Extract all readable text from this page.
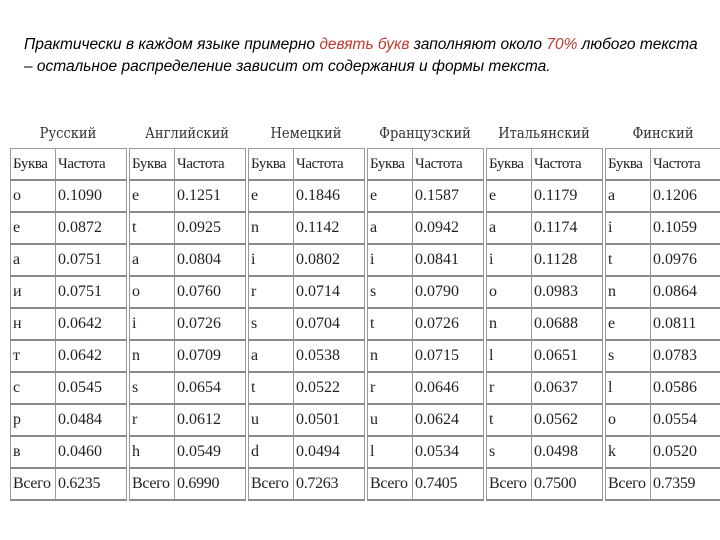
Практически в каждом языке примерно девять букв заполняют около 70% любого текста – остальное распределение зависит от содержания и формы текста.

Русский
Буква	Частота
о	0.1090
е	0.0872
а	0.0751
и	0.0751
н	0.0642
т	0.0642
с	0.0545
р	0.0484
в	0.0460
Всего	0.6235
Английский
Буква	Частота
e	0.1251
t	0.0925
a	0.0804
o	0.0760
i	0.0726
n	0.0709
s	0.0654
r	0.0612
h	0.0549
Всего	0.6990
Немецкий
Буква	Частота
e	0.1846
n	0.1142
i	0.0802
r	0.0714
s	0.0704
a	0.0538
t	0.0522
u	0.0501
d	0.0494
Всего	0.7263
Французский
Буква	Частота
e	0.1587
a	0.0942
i	0.0841
s	0.0790
t	0.0726
n	0.0715
r	0.0646
u	0.0624
l	0.0534
Всего	0.7405
Итальянский
Буква	Частота
e	0.1179
a	0.1174
i	0.1128
o	0.0983
n	0.0688
l	0.0651
r	0.0637
t	0.0562
s	0.0498
Всего	0.7500
Финский
Буква	Частота
a	0.1206
i	0.1059
t	0.0976
n	0.0864
e	0.0811
s	0.0783
l	0.0586
o	0.0554
k	0.0520
Всего	0.7359
